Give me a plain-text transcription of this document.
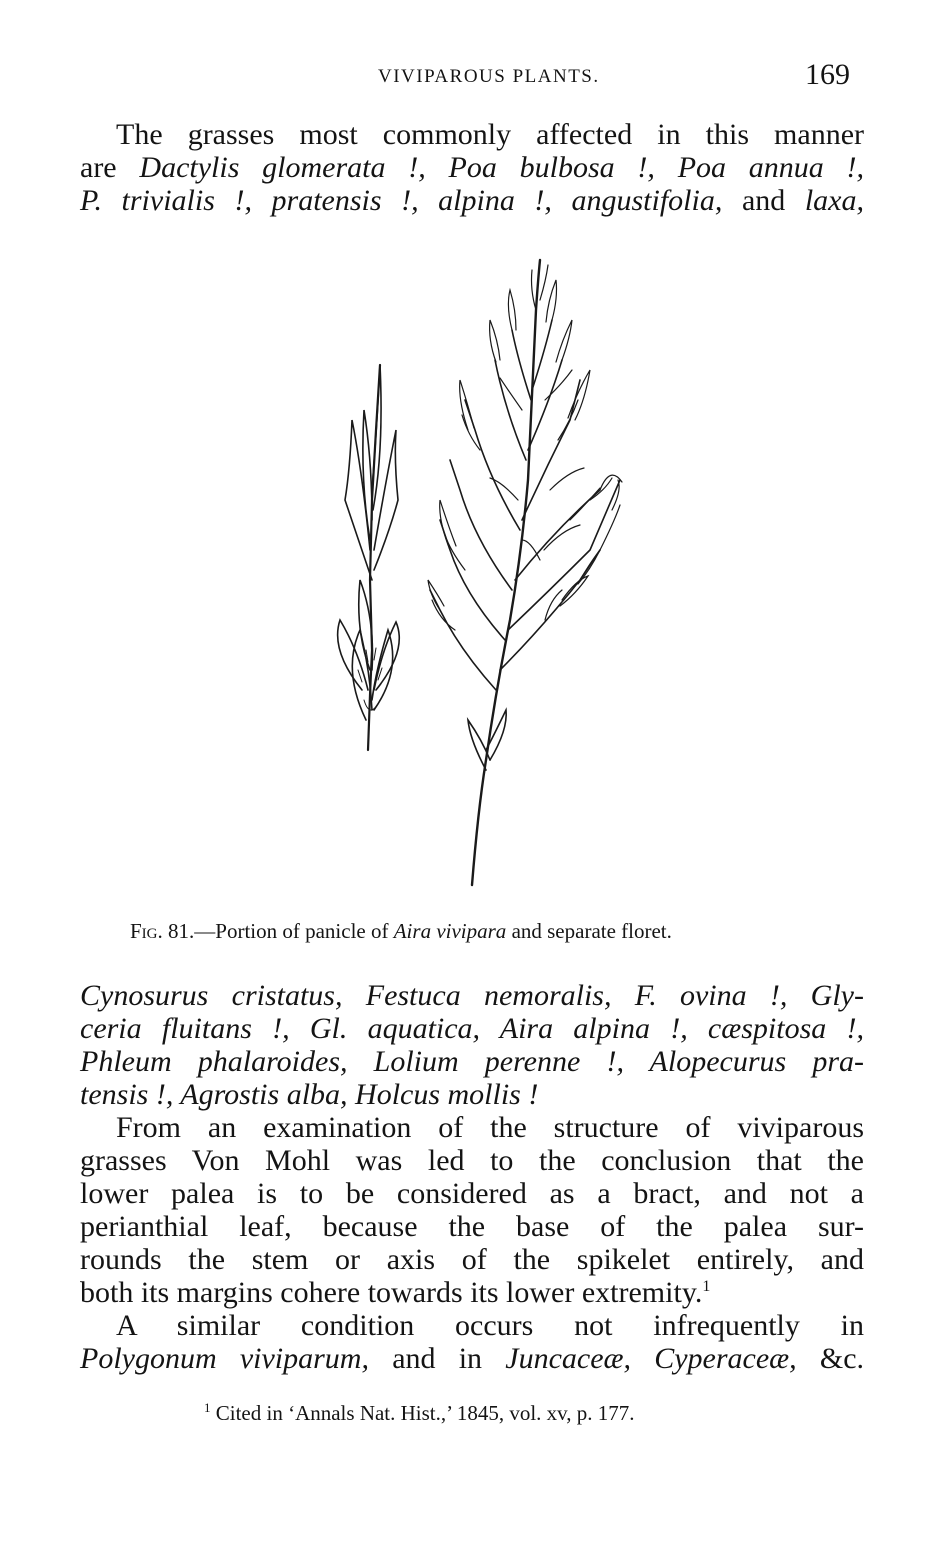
VIVIPAROUS PLANTS.	169
The grasses most commonly affected in this manner
are Dactylis glomerata !, Poa bulbosa !, Poa annua !,
P. trivialis !, pratensis !, alpina !, angustifolia, and laxa,
Fig. 81.—Portion of panicle of Aira vivipara and separate floret.
Cynosurus cristatus, Festuca nemoralis, F. ovina !, Gly-
ceria fluitans !, Gl. aquatica, Aira alpina !, cæspitosa !,
Phleum phalaroides, Lolium perenne !, Alopecurus pra-
tensis !, Agrostis alba, Holcus mollis !
From an examination of the structure of viviparous
grasses Von Mohl was led to the conclusion that the
lower palea is to be considered as a bract, and not a
perianthial leaf, because the base of the palea sur-
rounds the stem or axis of the spikelet entirely, and
both its margins cohere towards its lower extremity.$^1$
A similar condition occurs not infrequently in
Polygonum viviparum, and in Juncaceæ, Cyperaceæ, &c.
$^1$ Cited in ‘Annals Nat. Hist.,’ 1845, vol. xv, p. 177.
